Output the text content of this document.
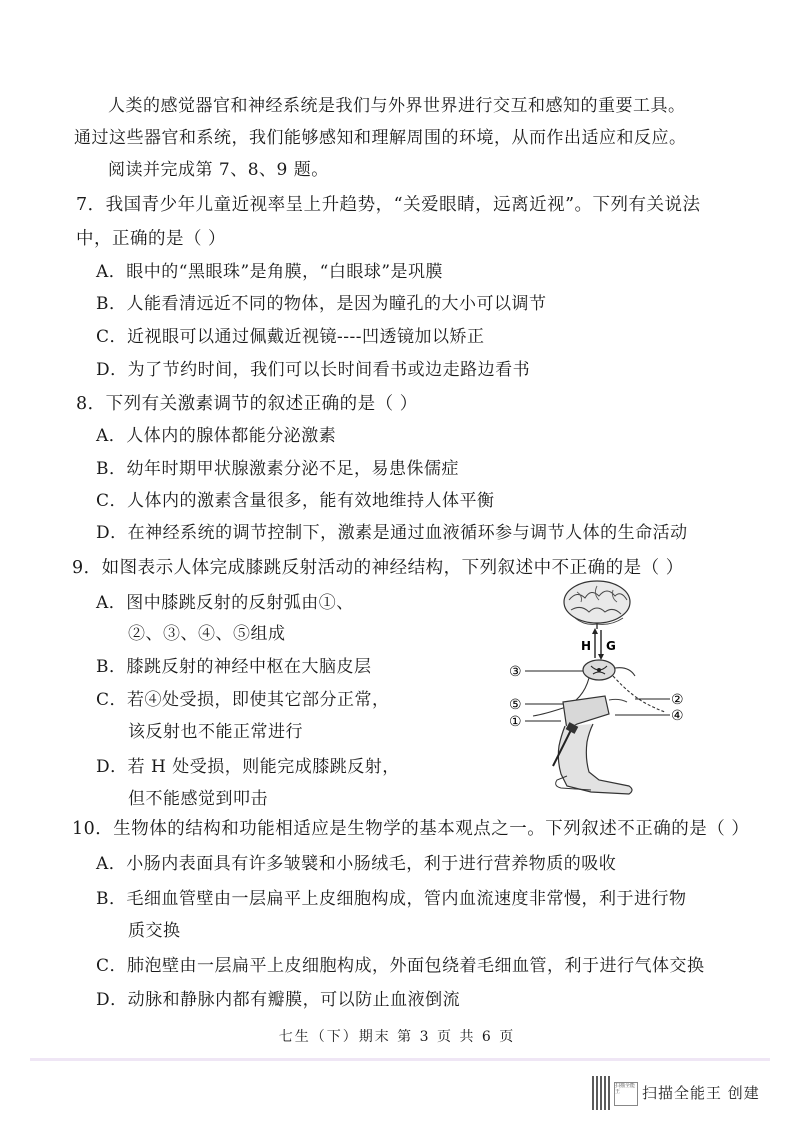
人类的感觉器官和神经系统是我们与外界世界进行交互和感知的重要工具。
通过这些器官和系统，我们能够感知和理解周围的环境，从而作出适应和反应。
阅读并完成第 7、8、9 题。
7．我国青少年儿童近视率呈上升趋势，“关爱眼睛，远离近视”。下列有关说法
中，正确的是（ ）
A．眼中的“黑眼珠”是角膜，“白眼球”是巩膜
B．人能看清远近不同的物体，是因为瞳孔的大小可以调节
C．近视眼可以通过佩戴近视镜----凹透镜加以矫正
D．为了节约时间，我们可以长时间看书或边走路边看书
8．下列有关激素调节的叙述正确的是（ ）
A．人体内的腺体都能分泌激素
B．幼年时期甲状腺激素分泌不足，易患侏儒症
C．人体内的激素含量很多，能有效地维持人体平衡
D．在神经系统的调节控制下，激素是通过血液循环参与调节人体的生命活动
9．如图表示人体完成膝跳反射活动的神经结构，下列叙述中不正确的是（ ）
A．图中膝跳反射的反射弧由①、
②、③、④、⑤组成
B．膝跳反射的神经中枢在大脑皮层
C．若④处受损，即使其它部分正常，
该反射也不能正常进行
D．若 H 处受损，则能完成膝跳反射，
但不能感觉到叩击
H G
③
⑤
①
②
④
10．生物体的结构和功能相适应是生物学的基本观点之一。下列叙述不正确的是（ ）
A．小肠内表面具有许多皱襞和小肠绒毛，利于进行营养物质的吸收
B．毛细血管壁由一层扁平上皮细胞构成，管内血流速度非常慢，利于进行物
质交换
C．肺泡壁由一层扁平上皮细胞构成，外面包绕着毛细血管，利于进行气体交换
D．动脉和静脉内都有瓣膜，可以防止血液倒流
七生（下）期末 第 3 页 共 6 页
扫描全能王	扫描全能王 创建
